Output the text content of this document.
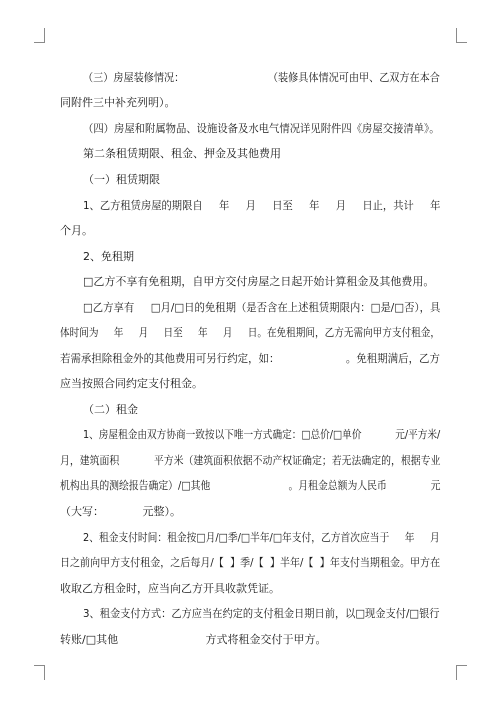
（三）房屋装修情况：                          （装修具体情况可由甲、乙双方在本合
同附件三中补充列明）。
（四）房屋和附属物品、设施设备及水电气情况详见附件四《房屋交接清单》。
第二条租赁期限、租金、押金及其他费用
（一）租赁期限
1、乙方租赁房屋的期限自     年     月     日至     年     月     日止，共计     年
个月。
2、免租期
□乙方不享有免租期，自甲方交付房屋之日起开始计算租金及其他费用。
□乙方享有     □月/□日的免租期（是否含在上述租赁期限内：□是/□否），具
体时间为     年     月     日至     年     月     日。在免租期间，乙方无需向甲方支付租金，
若需承担除租金外的其他费用可另行约定，如：                    。免租期满后，乙方
应当按照合同约定支付租金。
（二）租金
1、房屋租金由双方协商一致按以下唯一方式确定：□总价/□单价           元/平方米/
月，建筑面积           平方米（建筑面积依据不动产权证确定；若无法确定的，根据专业
机构出具的测绘报告确定）/□其他                         。月租金总额为人民币              元
（大写：           元整）。
2、租金支付时间：租金按□月/□季/□半年/□年支付，乙方首次应当于     年     月
日之前向甲方支付租金，之后每月/【  】季/【  】半年/【  】年支付当期租金。甲方在
收取乙方租金时，应当向乙方开具收款凭证。
3、租金支付方式：乙方应当在约定的支付租金日期日前，以□现金支付/□银行
转账/□其他                         方式将租金交付于甲方。
